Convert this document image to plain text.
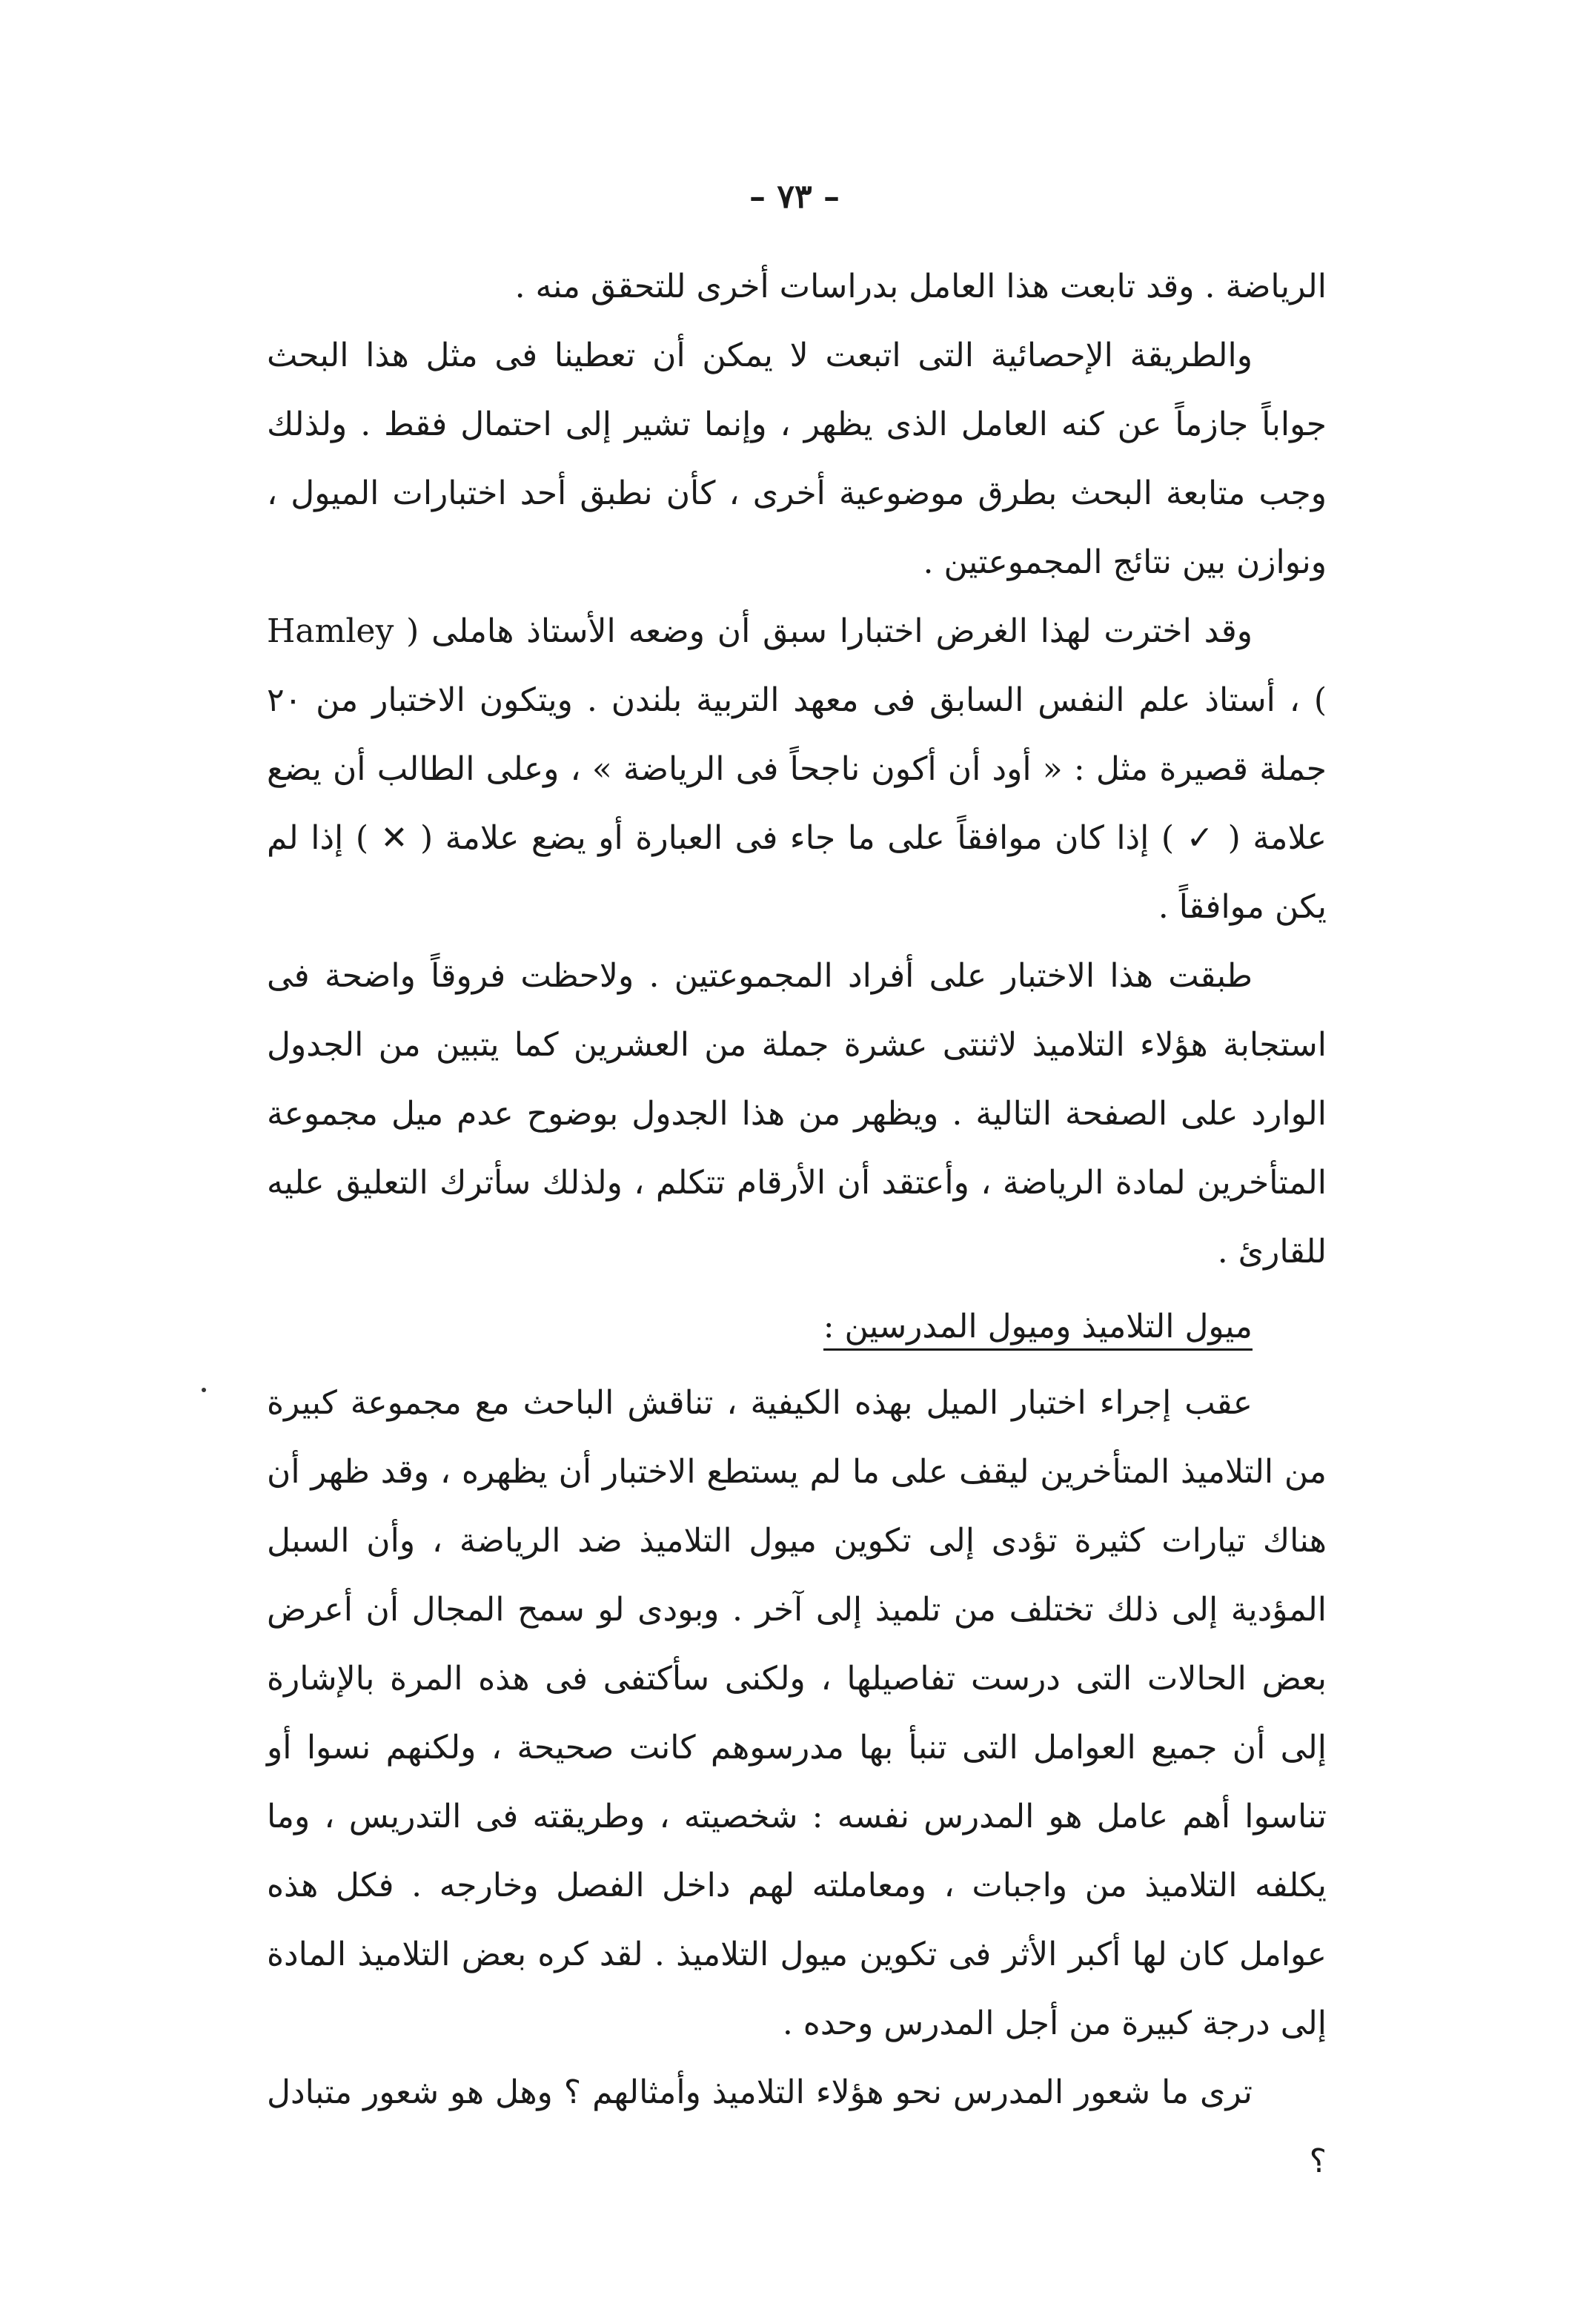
– ٧٣ –

الرياضة . وقد تابعت هذا العامل بدراسات أخرى للتحقق منه .

والطريقة الإحصائية التى اتبعت لا يمكن أن تعطينا فى مثل هذا البحث جواباً جازماً عن كنه العامل الذى يظهر ، وإنما تشير إلى احتمال فقط . ولذلك وجب متابعة البحث بطرق موضوعية أخرى ، كأن نطبق أحد اختبارات الميول ، ونوازن بين نتائج المجموعتين .

وقد اخترت لهذا الغرض اختبارا سبق أن وضعه الأستاذ هاملى ( Hamley ) ، أستاذ علم النفس السابق فى معهد التربية بلندن . ويتكون الاختبار من ٢٠ جملة قصيرة مثل : « أود أن أكون ناجحاً فى الرياضة » ، وعلى الطالب أن يضع علامة ( ✓ ) إذا كان موافقاً على ما جاء فى العبارة أو يضع علامة ( ✕ ) إذا لم يكن موافقاً .

طبقت هذا الاختبار على أفراد المجموعتين . ولاحظت فروقاً واضحة فى استجابة هؤلاء التلاميذ لاثنتى عشرة جملة من العشرين كما يتبين من الجدول الوارد على الصفحة التالية . ويظهر من هذا الجدول بوضوح عدم ميل مجموعة المتأخرين لمادة الرياضة ، وأعتقد أن الأرقام تتكلم ، ولذلك سأترك التعليق عليه للقارئ .

ميول التلاميذ وميول المدرسين :

عقب إجراء اختبار الميل بهذه الكيفية ، تناقش الباحث مع مجموعة كبيرة من التلاميذ المتأخرين ليقف على ما لم يستطع الاختبار أن يظهره ، وقد ظهر أن هناك تيارات كثيرة تؤدى إلى تكوين ميول التلاميذ ضد الرياضة ، وأن السبل المؤدية إلى ذلك تختلف من تلميذ إلى آخر . وبودى لو سمح المجال أن أعرض بعض الحالات التى درست تفاصيلها ، ولكنى سأكتفى فى هذه المرة بالإشارة إلى أن جميع العوامل التى تنبأ بها مدرسوهم كانت صحيحة ، ولكنهم نسوا أو تناسوا أهم عامل هو المدرس نفسه : شخصيته ، وطريقته فى التدريس ، وما يكلفه التلاميذ من واجبات ، ومعاملته لهم داخل الفصل وخارجه . فكل هذه عوامل كان لها أكبر الأثر فى تكوين ميول التلاميذ . لقد كره بعض التلاميذ المادة إلى درجة كبيرة من أجل المدرس وحده .

ترى ما شعور المدرس نحو هؤلاء التلاميذ وأمثالهم ؟ وهل هو شعور متبادل ؟
